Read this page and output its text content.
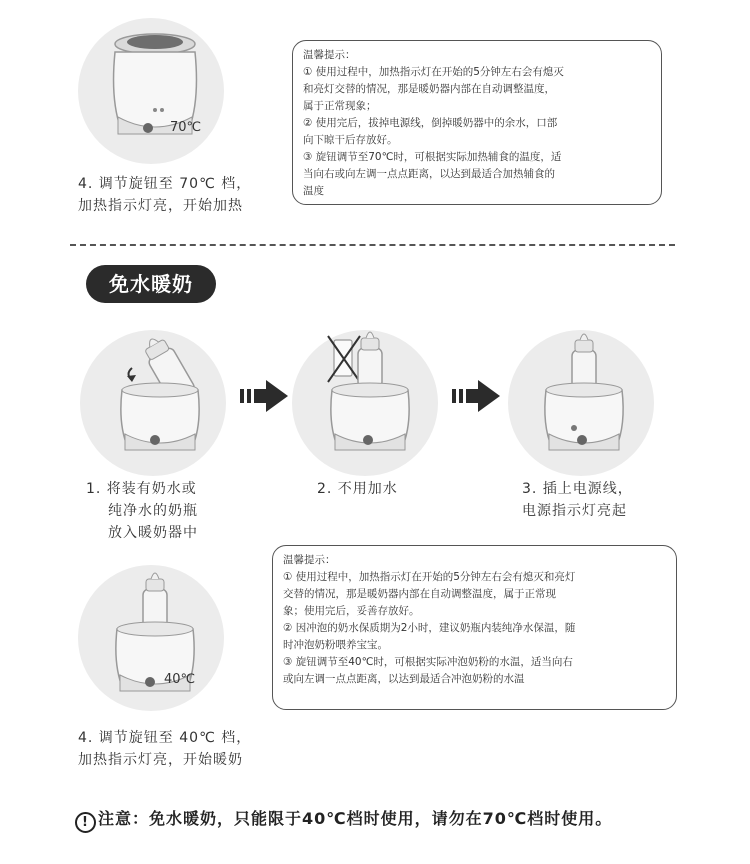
70℃
4. 调节旋钮至 70℃ 档，
加热指示灯亮，开始加热
温馨提示：
① 使用过程中，加热指示灯在开始的5分钟左右会有熄灭
和亮灯交替的情况，那是暖奶器内部在自动调整温度，
属于正常现象；
② 使用完后，拔掉电源线，倒掉暖奶器中的余水，口部
向下晾干后存放好。
③ 旋钮调节至70℃时，可根据实际加热辅食的温度，适
当向右或向左调一点点距离，以达到最适合加热辅食的
温度
免水暖奶
1. 将装有奶水或
纯净水的奶瓶
放入暖奶器中
2. 不用加水	3. 插上电源线，
电源指示灯亮起
40℃
4. 调节旋钮至 40℃ 档，
加热指示灯亮，开始暖奶
温馨提示：
① 使用过程中，加热指示灯在开始的5分钟左右会有熄灭和亮灯
交替的情况，那是暖奶器内部在自动调整温度，属于正常现
象；使用完后，妥善存放好。
② 因冲泡的奶水保质期为2小时，建议奶瓶内装纯净水保温，随
时冲泡奶粉喂养宝宝。
③ 旋钮调节至40℃时，可根据实际冲泡奶粉的水温，适当向右
或向左调一点点距离，以达到最适合冲泡奶粉的水温
! 注意：免水暖奶，只能限于40℃档时使用，请勿在70℃档时使用。
